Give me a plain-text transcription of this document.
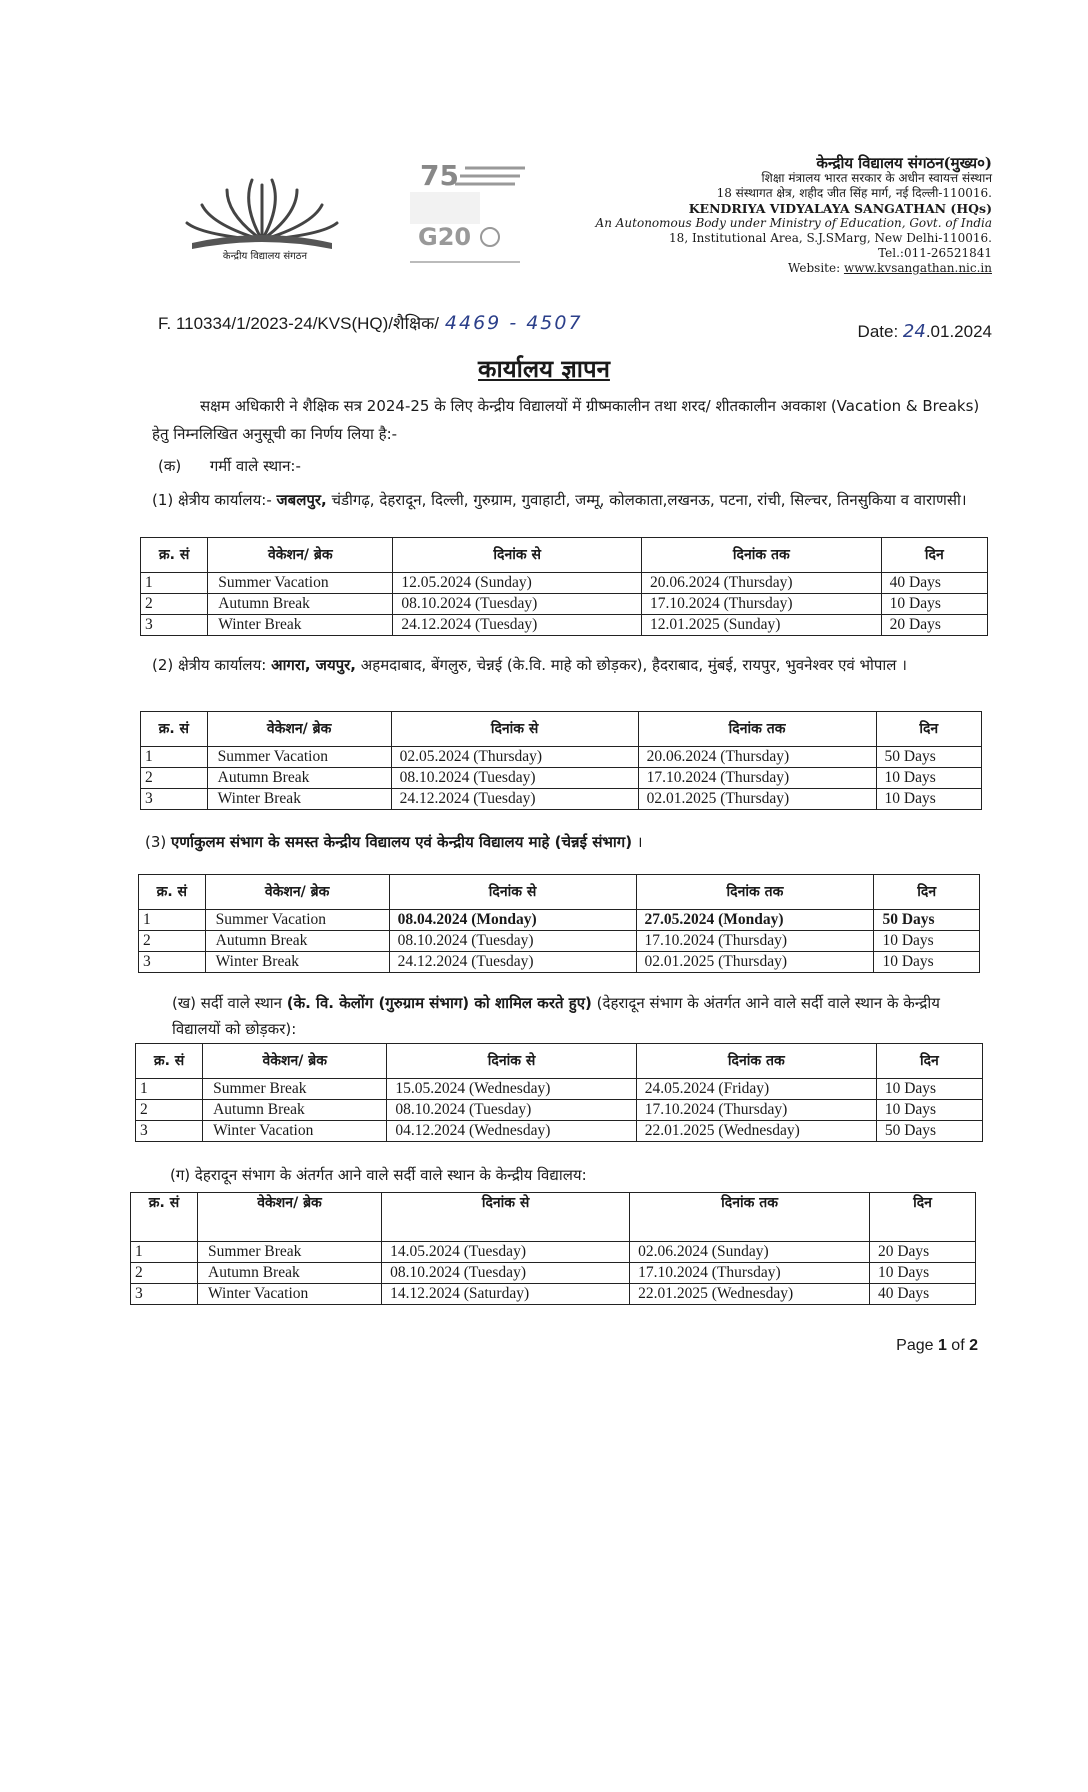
केन्द्रीय विद्यालय संगठन
75
G20
केन्द्रीय विद्यालय संगठन(मुख्य०)
शिक्षा मंत्रालय भारत सरकार के अधीन स्वायत्त संस्थान
18 संस्थागत क्षेत्र, शहीद जीत सिंह मार्ग, नई दिल्ली-110016.
KENDRIYA VIDYALAYA SANGATHAN (HQs)
An Autonomous Body under Ministry of Education, Govt. of India
18, Institutional Area, S.J.SMarg, New Delhi-110016.
Tel.:011-26521841
Website: www.kvsangathan.nic.in
F. 110334/1/2023-24/KVS(HQ)/शैक्षिक/ 4469 - 4507	Date: 24.01.2024
कार्यालय ज्ञापन
सक्षम अधिकारी ने शैक्षिक सत्र 2024-25 के लिए केन्द्रीय विद्यालयों में ग्रीष्मकालीन तथा शरद/ शीतकालीन अवकाश (Vacation & Breaks) हेतु निम्नलिखित अनुसूची का निर्णय लिया है:-
(क)      गर्मी वाले स्थान:-
(1) क्षेत्रीय कार्यालय:- जबलपुर, चंडीगढ़, देहरादून, दिल्ली, गुरुग्राम, गुवाहाटी, जम्मू, कोलकाता,लखनऊ, पटना, रांची, सिल्चर, तिनसुकिया व वाराणसी।
क्र. सं	वेकेशन/ ब्रेक	दिनांक से	दिनांक तक	दिन
1	Summer Vacation	12.05.2024 (Sunday)	20.06.2024 (Thursday)	40 Days
2	Autumn Break	08.10.2024 (Tuesday)	17.10.2024 (Thursday)	10 Days
3	Winter Break	24.12.2024 (Tuesday)	12.01.2025 (Sunday)	20 Days
(2) क्षेत्रीय कार्यालय: आगरा, जयपुर, अहमदाबाद, बेंगलुरु, चेन्नई (के.वि. माहे को छोड़कर), हैदराबाद, मुंबई, रायपुर, भुवनेश्वर एवं भोपाल ।
क्र. सं	वेकेशन/ ब्रेक	दिनांक से	दिनांक तक	दिन
1	Summer Vacation	02.05.2024 (Thursday)	20.06.2024 (Thursday)	50 Days
2	Autumn Break	08.10.2024 (Tuesday)	17.10.2024 (Thursday)	10 Days
3	Winter Break	24.12.2024 (Tuesday)	02.01.2025 (Thursday)	10 Days
(3) एर्णाकुलम संभाग के समस्त केन्द्रीय विद्यालय एवं केन्द्रीय विद्यालय माहे (चेन्नई संभाग) ।
क्र. सं	वेकेशन/ ब्रेक	दिनांक से	दिनांक तक	दिन
1	Summer Vacation	08.04.2024 (Monday)	27.05.2024 (Monday)	50 Days
2	Autumn Break	08.10.2024 (Tuesday)	17.10.2024 (Thursday)	10 Days
3	Winter Break	24.12.2024 (Tuesday)	02.01.2025 (Thursday)	10 Days
(ख) सर्दी वाले स्थान (के. वि. केलोंग (गुरुग्राम संभाग) को शामिल करते हुए) (देहरादून संभाग के अंतर्गत आने वाले सर्दी वाले स्थान के केन्द्रीय विद्यालयों को छोड़कर):
क्र. सं	वेकेशन/ ब्रेक	दिनांक से	दिनांक तक	दिन
1	Summer Break	15.05.2024 (Wednesday)	24.05.2024 (Friday)	10 Days
2	Autumn Break	08.10.2024 (Tuesday)	17.10.2024 (Thursday)	10 Days
3	Winter Vacation	04.12.2024 (Wednesday)	22.01.2025 (Wednesday)	50 Days
(ग) देहरादून संभाग के अंतर्गत आने वाले सर्दी वाले स्थान के केन्द्रीय विद्यालय:
क्र. सं	वेकेशन/ ब्रेक	दिनांक से	दिनांक तक	दिन
1	Summer Break	14.05.2024 (Tuesday)	02.06.2024 (Sunday)	20 Days
2	Autumn Break	08.10.2024 (Tuesday)	17.10.2024 (Thursday)	10 Days
3	Winter Vacation	14.12.2024 (Saturday)	22.01.2025 (Wednesday)	40 Days
Page 1 of 2
